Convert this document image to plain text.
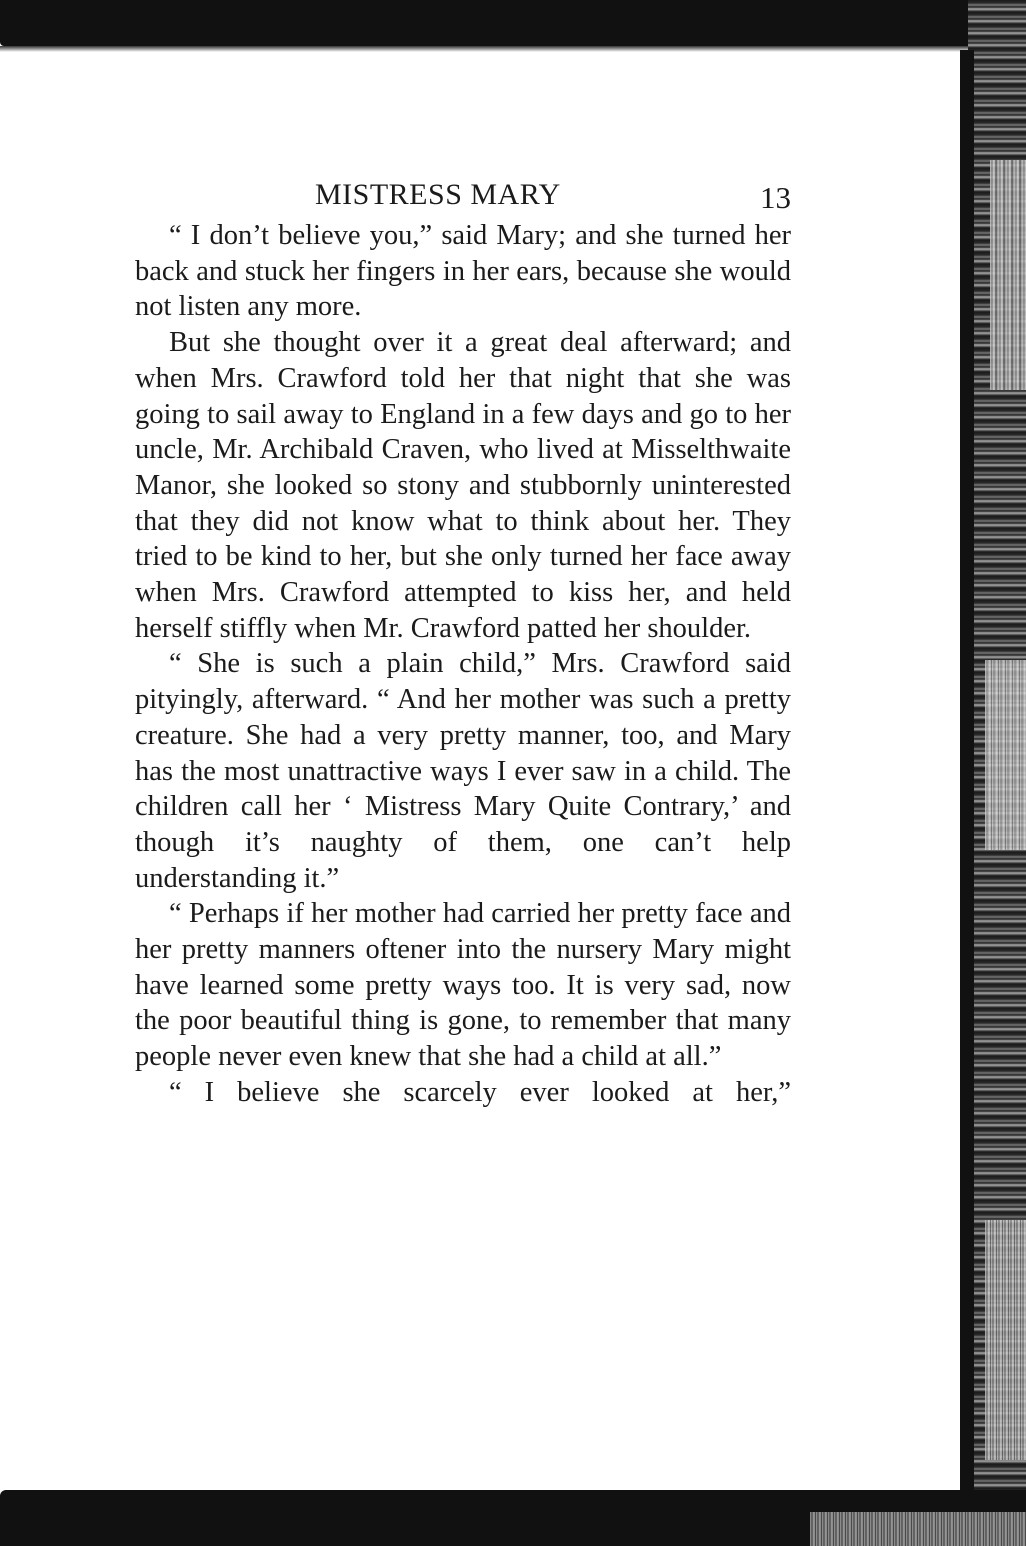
MISTRESS MARY	13

“ I don’t believe you,” said Mary; and she turned her back and stuck her fingers in her ears, because she would not listen any more.

But she thought over it a great deal afterward; and when Mrs. Crawford told her that night that she was going to sail away to England in a few days and go to her uncle, Mr. Archibald Craven, who lived at Misselthwaite Manor, she looked so stony and stubbornly uninterested that they did not know what to think about her. They tried to be kind to her, but she only turned her face away when Mrs. Crawford attempted to kiss her, and held herself stiffly when Mr. Crawford patted her shoulder.

“ She is such a plain child,” Mrs. Crawford said pityingly, afterward. “ And her mother was such a pretty creature. She had a very pretty manner, too, and Mary has the most unattractive ways I ever saw in a child. The children call her ‘ Mistress Mary Quite Contrary,’ and though it’s naughty of them, one can’t help understanding it.”

“ Perhaps if her mother had carried her pretty face and her pretty manners oftener into the nursery Mary might have learned some pretty ways too. It is very sad, now the poor beautiful thing is gone, to remember that many people never even knew that she had a child at all.”

“ I believe she scarcely ever looked at her,”
